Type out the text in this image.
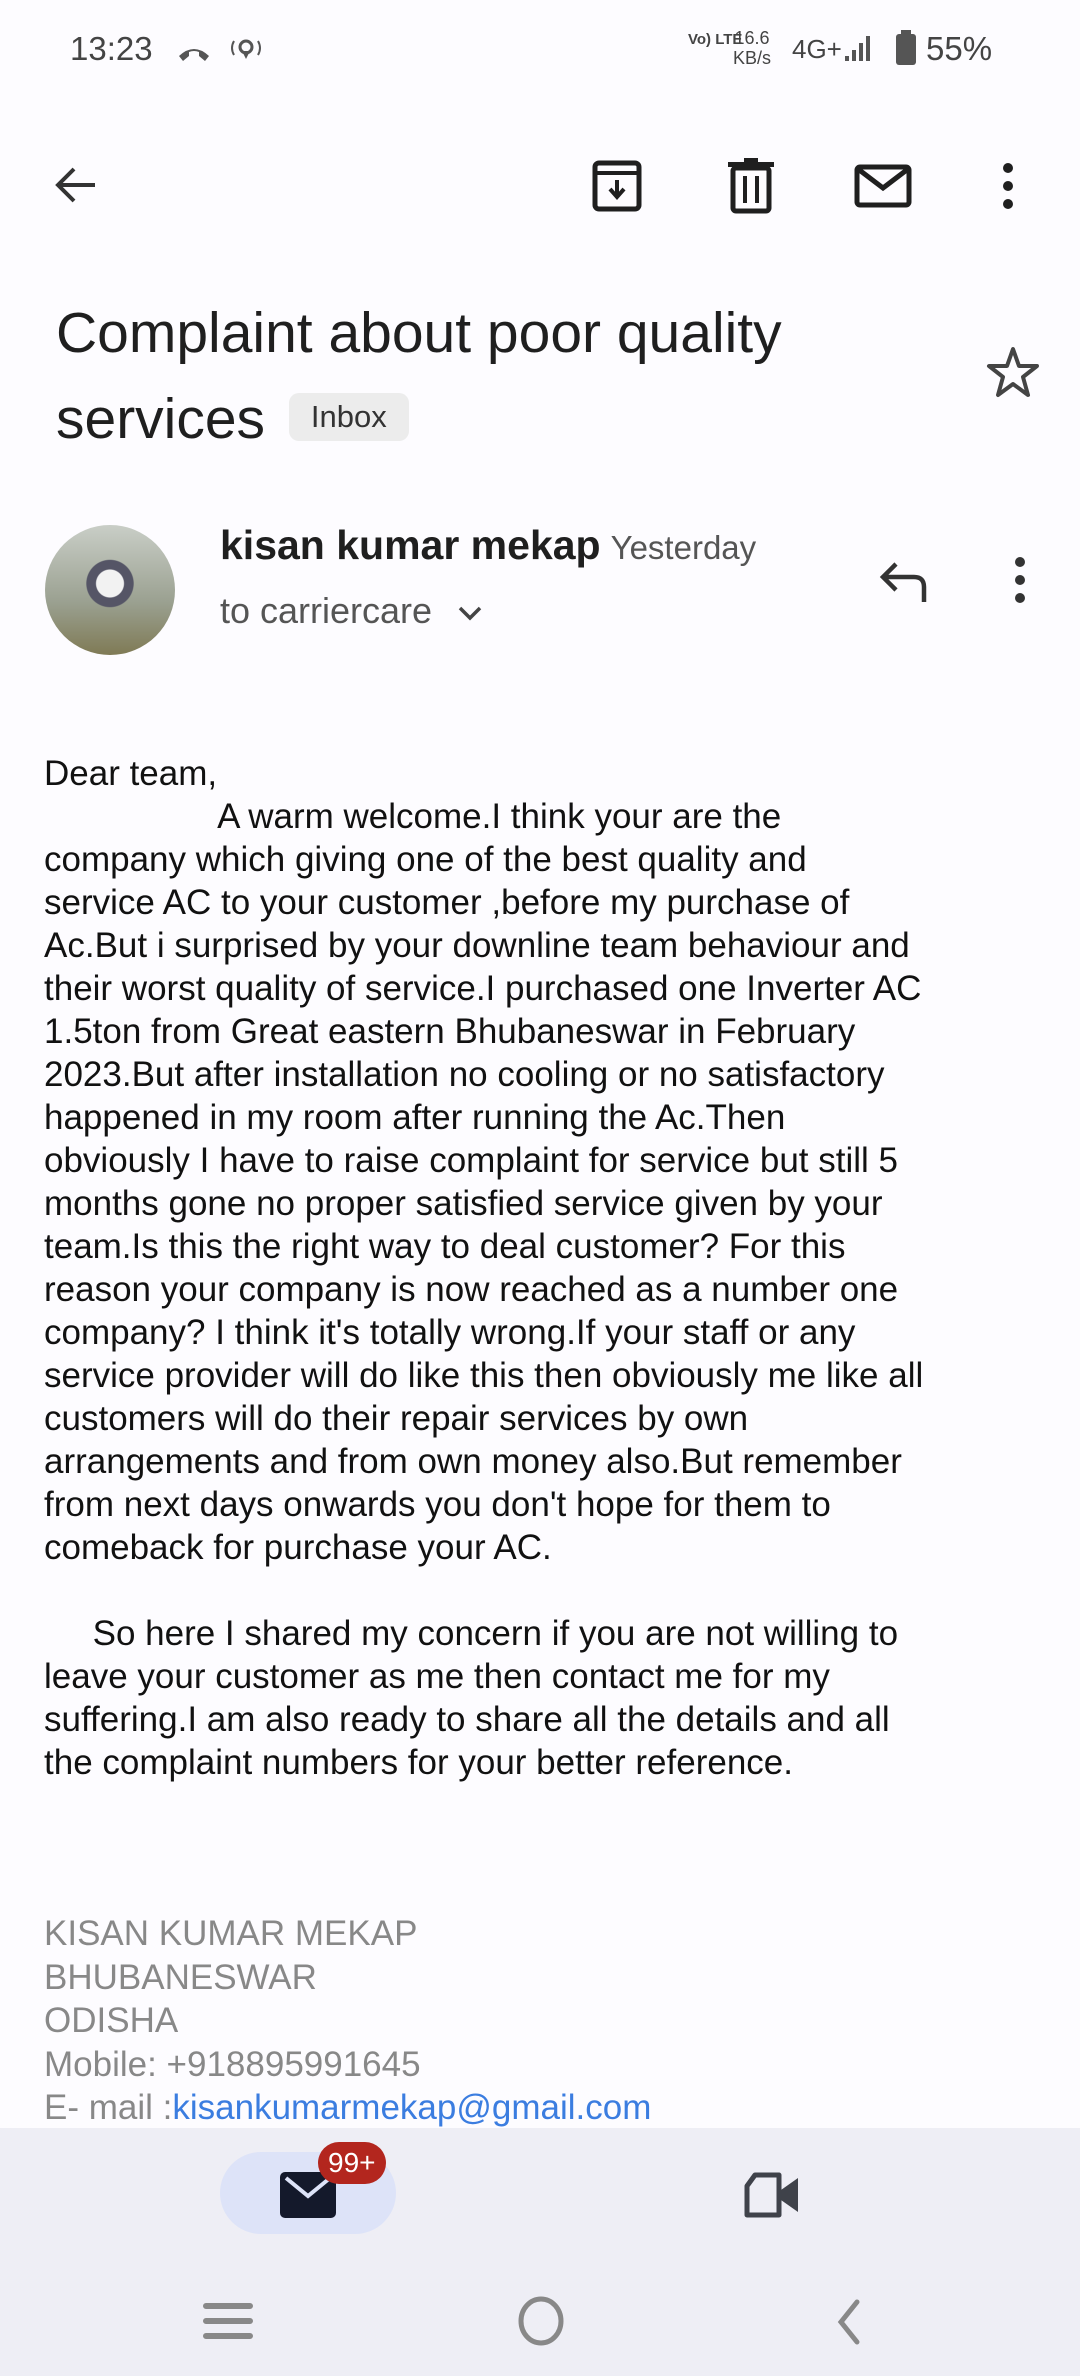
13:23	Vo) LTE
16.6
KB/s 4G+	55%
Complaint about poor quality services Inbox
kisan kumar mekap Yesterday
to carriercare
Dear team,
A warm welcome.I think your are the
company which giving one of the best quality and
service AC to your customer ,before my purchase of
Ac.But i surprised by your downline team behaviour and
their worst quality of service.I purchased one Inverter AC
1.5ton from Great eastern Bhubaneswar in February
2023.But after installation no cooling or no satisfactory
happened in my room after running the Ac.Then
obviously I have to raise complaint for service but still 5
months gone no proper satisfied service given by your
team.Is this the right way to deal customer? For this
reason your company is now reached as a number one
company? I think it's totally wrong.If your staff or any
service provider will do like this then obviously me like all
customers will do their repair services by own
arrangements and from own money also.But remember
from next days onwards you don't hope for them to
comeback for purchase your AC.
So here I shared my concern if you are not willing to
leave your customer as me then contact me for my
suffering.I am also ready to share all the details and all
the complaint numbers for your better reference.
KISAN KUMAR MEKAP
BHUBANESWAR
ODISHA
Mobile: +918895991645
E- mail :kisankumarmekap@gmail.com
99+
